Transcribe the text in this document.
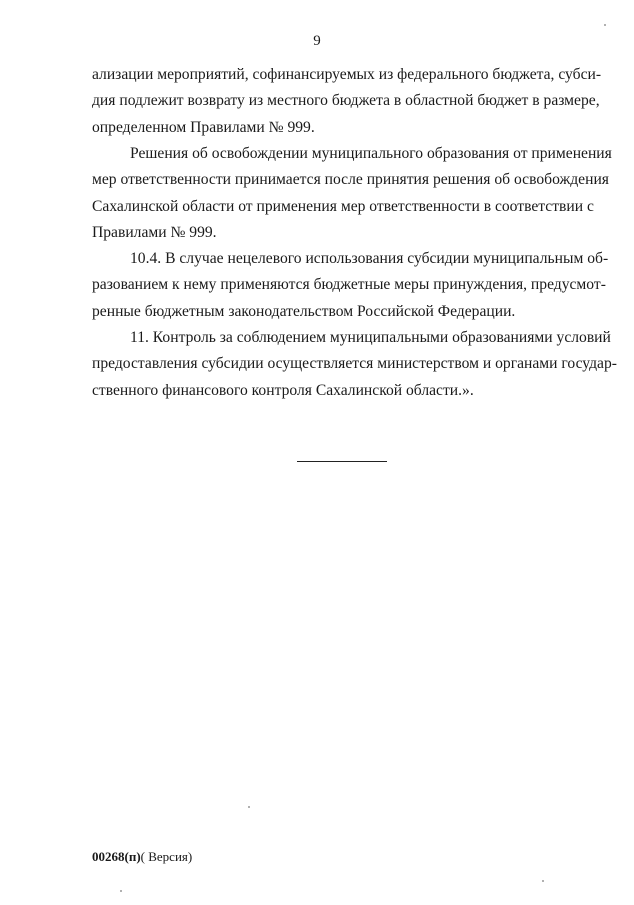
9
ализации мероприятий, софинансируемых из федерального бюджета, субси-
дия подлежит возврату из местного бюджета в областной бюджет в размере,
определенном Правилами № 999.
Решения об освобождении муниципального образования от применения
мер ответственности принимается после принятия решения об освобождения
Сахалинской области от применения мер ответственности в соответствии с
Правилами № 999.
10.4. В случае нецелевого использования субсидии муниципальным об-
разованием к нему применяются бюджетные меры принуждения, предусмот-
ренные бюджетным законодательством Российской Федерации.
11. Контроль за соблюдением муниципальными образованиями условий
предоставления субсидии осуществляется министерством и органами государ-
ственного финансового контроля Сахалинской области.».
00268(п)( Версия)
